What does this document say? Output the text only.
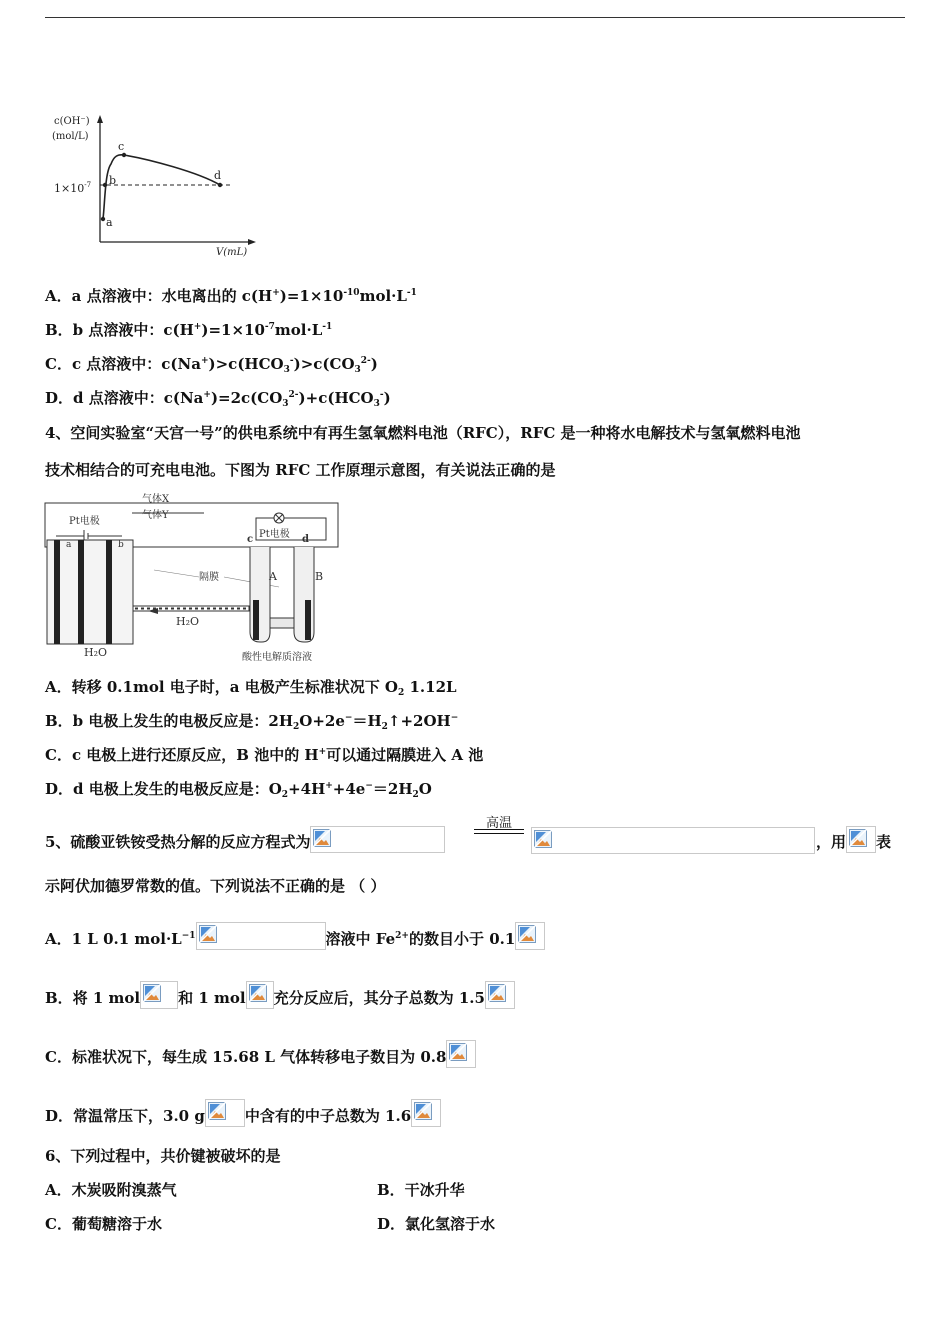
c(OH⁻)
(mol/L)
$1\times 10^{-7}$
a
b
c
d
V(mL)
A．a 点溶液中：水电离出的 $c(H^+)=1\times 10^{-10}mol\cdot L^{-1}$
B．b 点溶液中：$c(H^+)=1\times 10^{-7}mol\cdot L^{-1}$
C．c 点溶液中：$c(Na^+)>c(HCO_3^-)>c(CO_3^{2-})$
D．d 点溶液中：$c(Na^+)=2c(CO_3^{2-})+c(HCO_3^-)$
4、空间实验室“天宫一号”的供电系统中有再生氢氧燃料电池（RFC），RFC 是一种将水电解技术与氢氧燃料电池
技术相结合的可充电电池。下图为 RFC 工作原理示意图，有关说法正确的是
气体X
气体Y
Pt电极
a	b
H₂O
H₂O
隔膜
Pt电极
c	d
A	B
酸性电解质溶液
A．转移 0.1mol 电子时，a 电极产生标准状况下 $O_2$ 1.12L
B．b 电极上发生的电极反应是：$2H_2O+2e^-=H_2↑+2OH^-$
C．c 电极上进行还原反应，B 池中的 H+可以通过隔膜进入 A 池
D．d 电极上发生的电极反应是：$O_2+4H^++4e^-=2H_2O$
5、硫酸亚铁铵受热分解的反应方程式为
高温
，用 表
示阿伏加德罗常数的值。下列说法不正确的是 （ ）
A．1 L 0.1 $mol\cdot L^{-1}$	溶液中 $Fe^{2+}$的数目小于 0.1
B．将 1 mol	和 1 mol 充分反应后，其分子总数为 1.5
C．标准状况下，每生成 15.68 L 气体转移电子数目为 0.8
D．常温常压下，3.0 g	中含有的中子总数为 1.6
6、下列过程中，共价键被破坏的是
A．木炭吸附溴蒸气	B．干冰升华
C．葡萄糖溶于水	D．氯化氢溶于水
